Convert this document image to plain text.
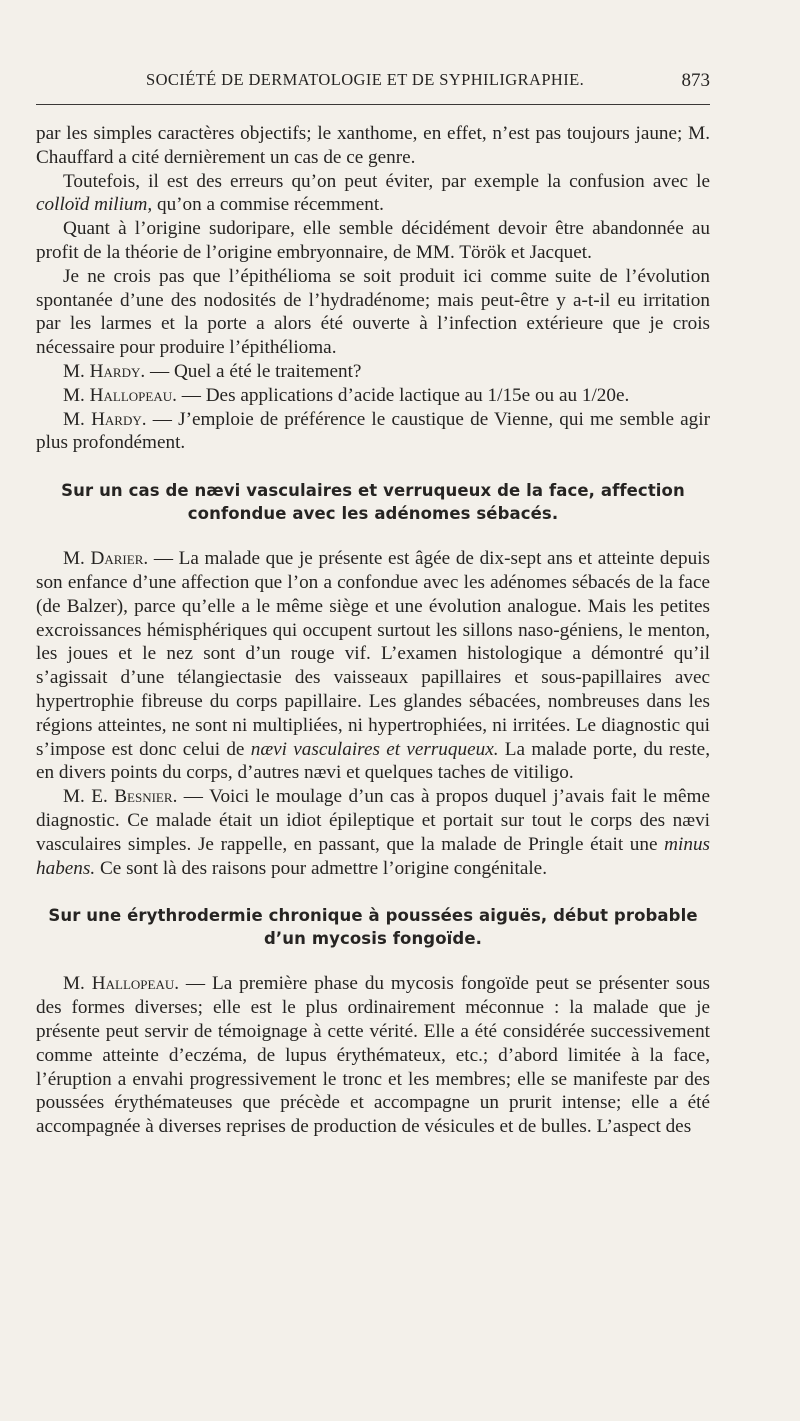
SOCIÉTÉ DE DERMATOLOGIE ET DE SYPHILIGRAPHIE.	873

par les simples caractères objectifs; le xanthome, en effet, n’est pas toujours jaune; M. Chauffard a cité dernièrement un cas de ce genre.

Toutefois, il est des erreurs qu’on peut éviter, par exemple la confusion avec le colloïd milium, qu’on a commise récemment.

Quant à l’origine sudoripare, elle semble décidément devoir être abandonnée au profit de la théorie de l’origine embryonnaire, de MM. Török et Jacquet.

Je ne crois pas que l’épithélioma se soit produit ici comme suite de l’évolution spontanée d’une des nodosités de l’hydradénome; mais peut-être y a-t-il eu irritation par les larmes et la porte a alors été ouverte à l’infection extérieure que je crois nécessaire pour produire l’épithélioma.

M. Hardy. — Quel a été le traitement?

M. Hallopeau. — Des applications d’acide lactique au 1/15e ou au 1/20e.

M. Hardy. — J’emploie de préférence le caustique de Vienne, qui me semble agir plus profondément.

Sur un cas de nævi vasculaires et verruqueux de la face, affection confondue avec les adénomes sébacés.

M. Darier. — La malade que je présente est âgée de dix-sept ans et atteinte depuis son enfance d’une affection que l’on a confondue avec les adénomes sébacés de la face (de Balzer), parce qu’elle a le même siège et une évolution analogue. Mais les petites excroissances hémisphériques qui occupent surtout les sillons naso-géniens, le menton, les joues et le nez sont d’un rouge vif. L’examen histologique a démontré qu’il s’agissait d’une télangiectasie des vaisseaux papillaires et sous-papillaires avec hypertrophie fibreuse du corps papillaire. Les glandes sébacées, nombreuses dans les régions atteintes, ne sont ni multipliées, ni hypertrophiées, ni irritées. Le diagnostic qui s’impose est donc celui de nævi vasculaires et verruqueux. La malade porte, du reste, en divers points du corps, d’autres nævi et quelques taches de vitiligo.

M. E. Besnier. — Voici le moulage d’un cas à propos duquel j’avais fait le même diagnostic. Ce malade était un idiot épileptique et portait sur tout le corps des nævi vasculaires simples. Je rappelle, en passant, que la malade de Pringle était une minus habens. Ce sont là des raisons pour admettre l’origine congénitale.

Sur une érythrodermie chronique à poussées aiguës, début probable d’un mycosis fongoïde.

M. Hallopeau. — La première phase du mycosis fongoïde peut se présenter sous des formes diverses; elle est le plus ordinairement méconnue : la malade que je présente peut servir de témoignage à cette vérité. Elle a été considérée successivement comme atteinte d’eczéma, de lupus érythémateux, etc.; d’abord limitée à la face, l’éruption a envahi progressivement le tronc et les membres; elle se manifeste par des poussées érythémateuses que précède et accompagne un prurit intense; elle a été accompagnée à diverses reprises de production de vésicules et de bulles. L’aspect des
